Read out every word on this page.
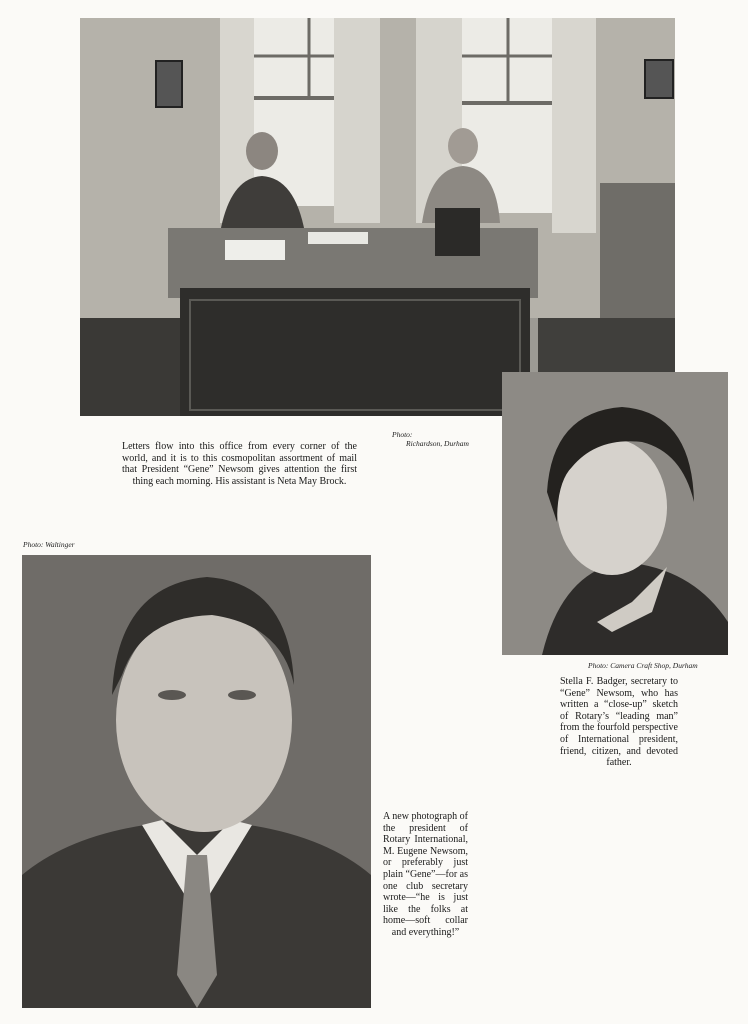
Photo:
Richardson, Durham
Letters flow into this office from every corner of the world, and it is to this cosmopolitan assortment of mail that President “Gene” Newsom gives attention the first thing each morning. His assistant is Neta May Brock.
Photo: Camera Craft Shop, Durham
Stella F. Badger, secretary to “Gene” Newsom, who has written a “close-up” sketch of Rotary’s “leading man” from the fourfold perspective of International president, friend, citizen, and devoted father.
Photo: Waltinger
A new photograph of the president of Rotary International, M. Eugene Newsom, or preferably just plain “Gene”—for as one club secretary wrote—“he is just like the folks at home—soft collar and everything!”
